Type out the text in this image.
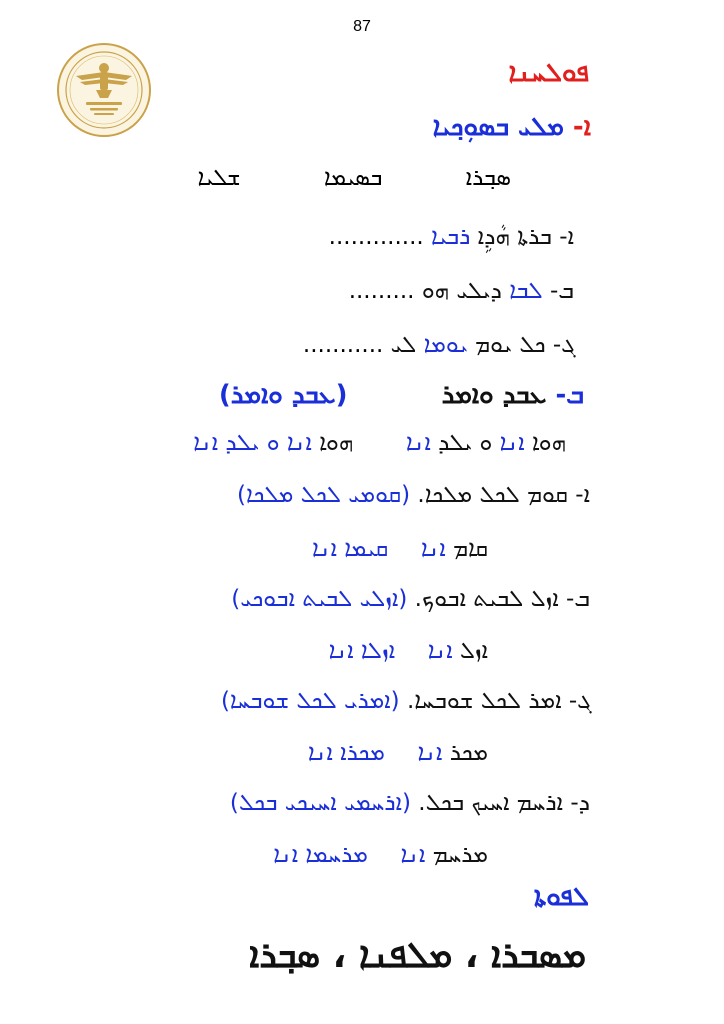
87
ܦܘܠܚܢܐ
ܐ- ܡܠܝ ܒܣܘܼܟ݂ܝܐ
ܣܒ݂ܪܐ ܒܣܝܡܐ ܫܠܝܐ
ܐ- ܒܪܬܐ ܗܵܕܹܐ ܪܒܝܐ .............
ܒ- ܠܒܐ ܕܝܠܝ ܗܘ .........
ܓ- ܟܠ ܝܘܡ ܝܘܡܐ ܠܝ ...........
ܒ- ܥܒܕ ܘܐܡܪ  (ܥܒܕ ܘܐܡܪ)
ܗܘܐ ܐܢܐ ܘ ܝܠܕ ܐܢܐ  ܗܘܐ ܐܢܐ ܘ ܝܠܕ ܐܢܐ
ܐ- ܩܘܡ ܠܟܠ ܡܠܟܐ. (ܩܘܡܝ ܠܟܠ ܡܠܟܐ)
ܩܐܡ ܐܢܐ  ܩܝܡܐ ܐܢܐ
ܒ- ܐܙܠ ܠܒܝܬ ܐܒܘܟ. (ܐܙܠܝ ܠܒܝܬ ܐܒܘܟܝ)
ܐܙܠ ܐܢܐ  ܐܙܠܐ ܐܢܐ
ܓ- ܐܡܪ ܠܟܠ ܫܘܒܚܐ. (ܐܡܪܝ ܠܟܠ ܫܘܒܚܐ)
ܡܟܪ ܐܢܐ  ܡܟܪܐ ܐܢܐ
ܕ- ܐܪܚܡ ܐܚܝܟ ܒܟܠ. (ܐܪܚܡܝ ܐܚܝܟܝ ܒܟܠ)
ܡܪܚܡ ܐܢܐ  ܡܪܚܡܐ ܐܢܐ
ܠܦܘܬܐ
ܡܣܒܪܐ ، ܡܠܦܢܐ ، ܣܒ݂ܪܐ
